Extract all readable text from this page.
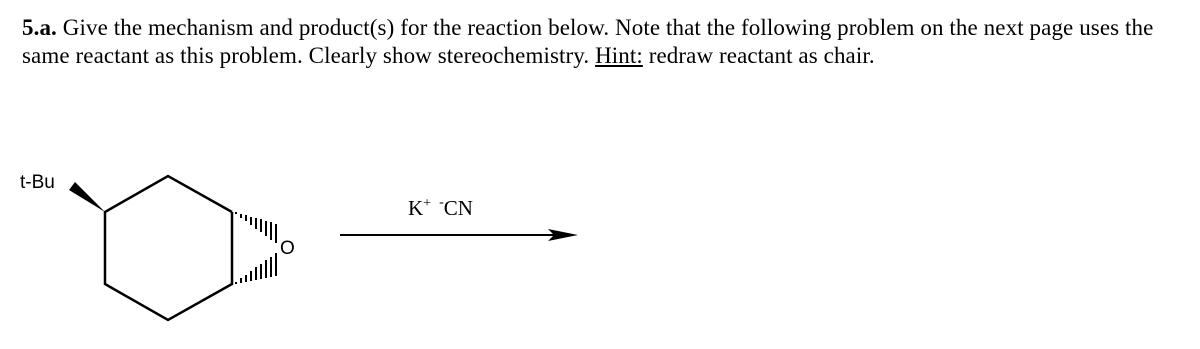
5.a. Give the mechanism and product(s) for the reaction below. Note that the following problem on the next page uses the same reactant as this problem. Clearly show stereochemistry. Hint: redraw reactant as chair.
t-Bu
O
K+ -CN
